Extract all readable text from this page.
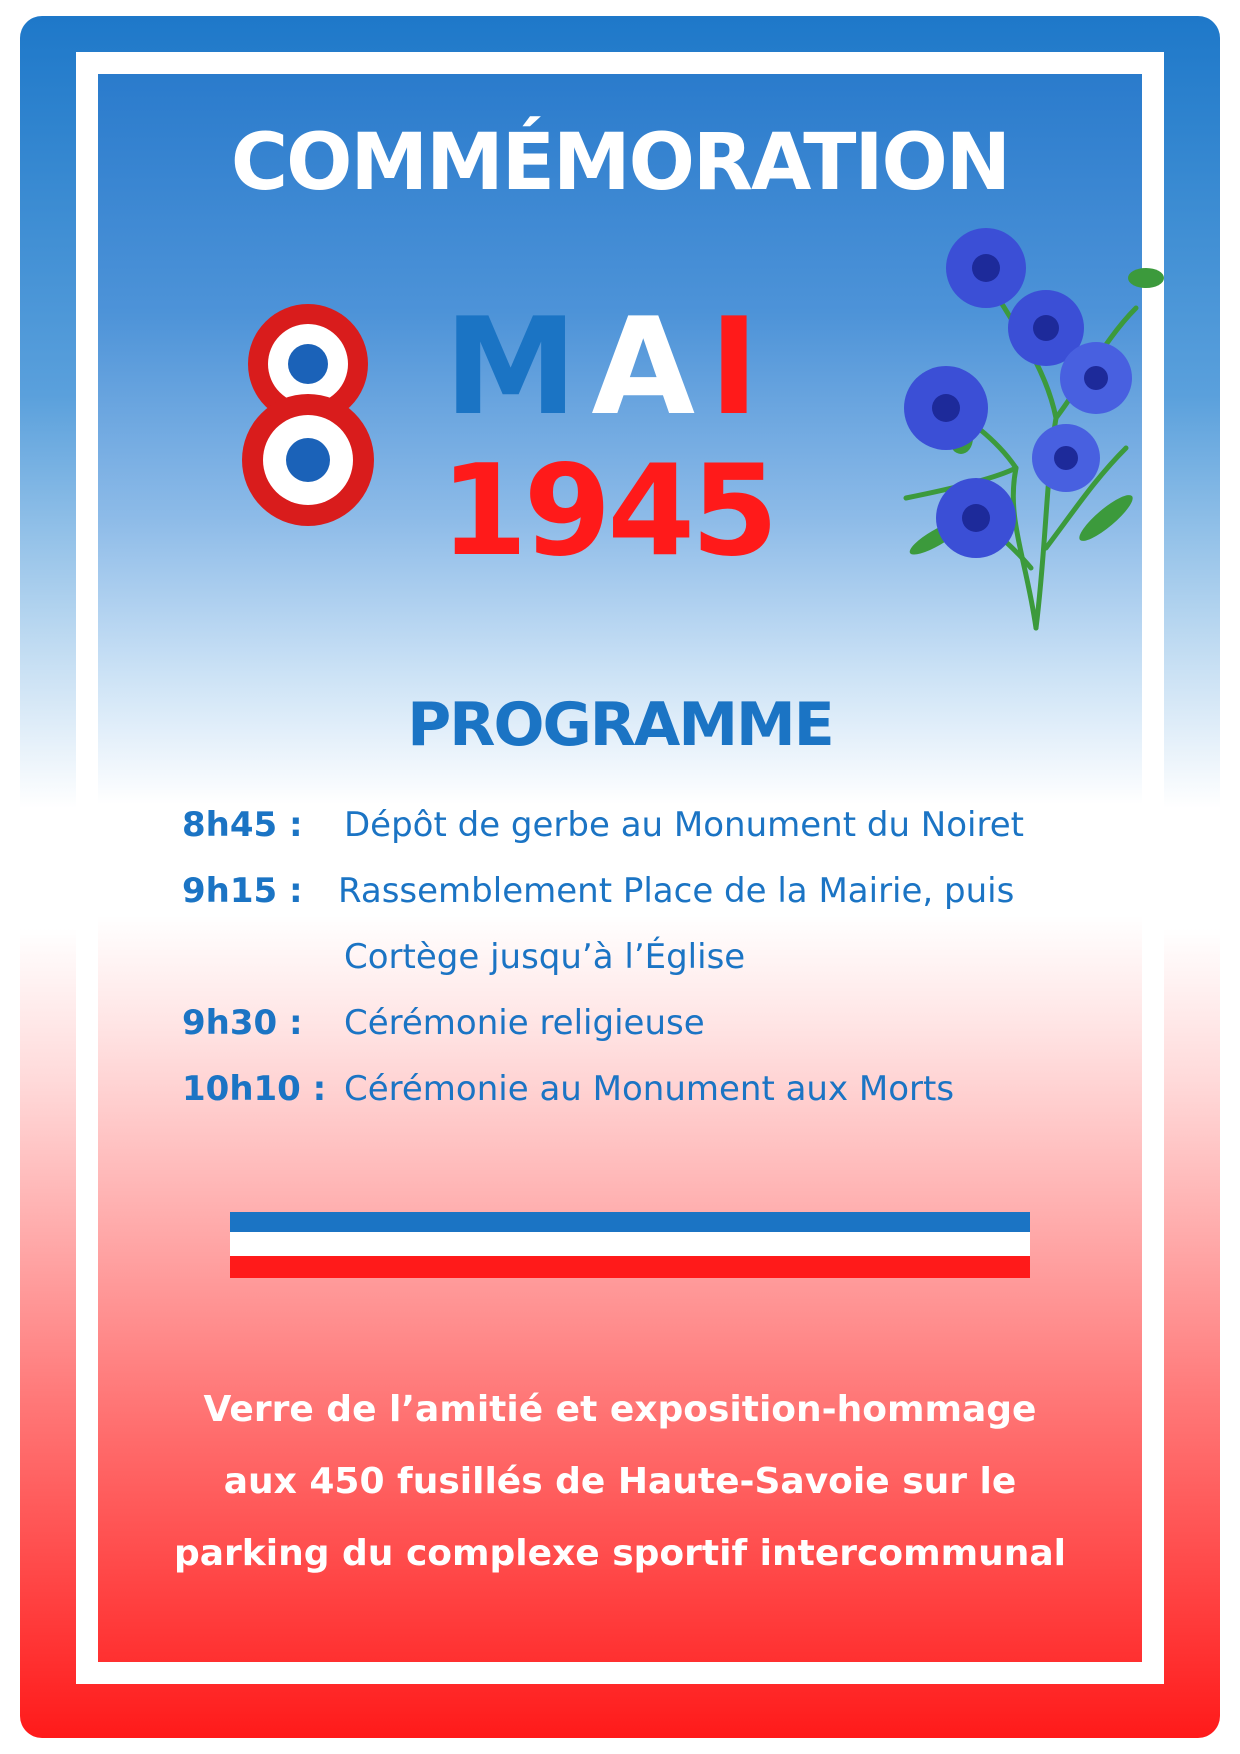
COMMÉMORATION
MAI
1945
PROGRAMME
8h45 : Dépôt de gerbe au Monument du Noiret
9h15 : Rassemblement Place de la Mairie, puis
Cortège jusqu’à l’Église
9h30 : Cérémonie religieuse
10h10 : Cérémonie au Monument aux Morts
Verre de l’amitié et exposition-hommage
aux 450 fusillés de Haute-Savoie sur le
parking du complexe sportif intercommunal
